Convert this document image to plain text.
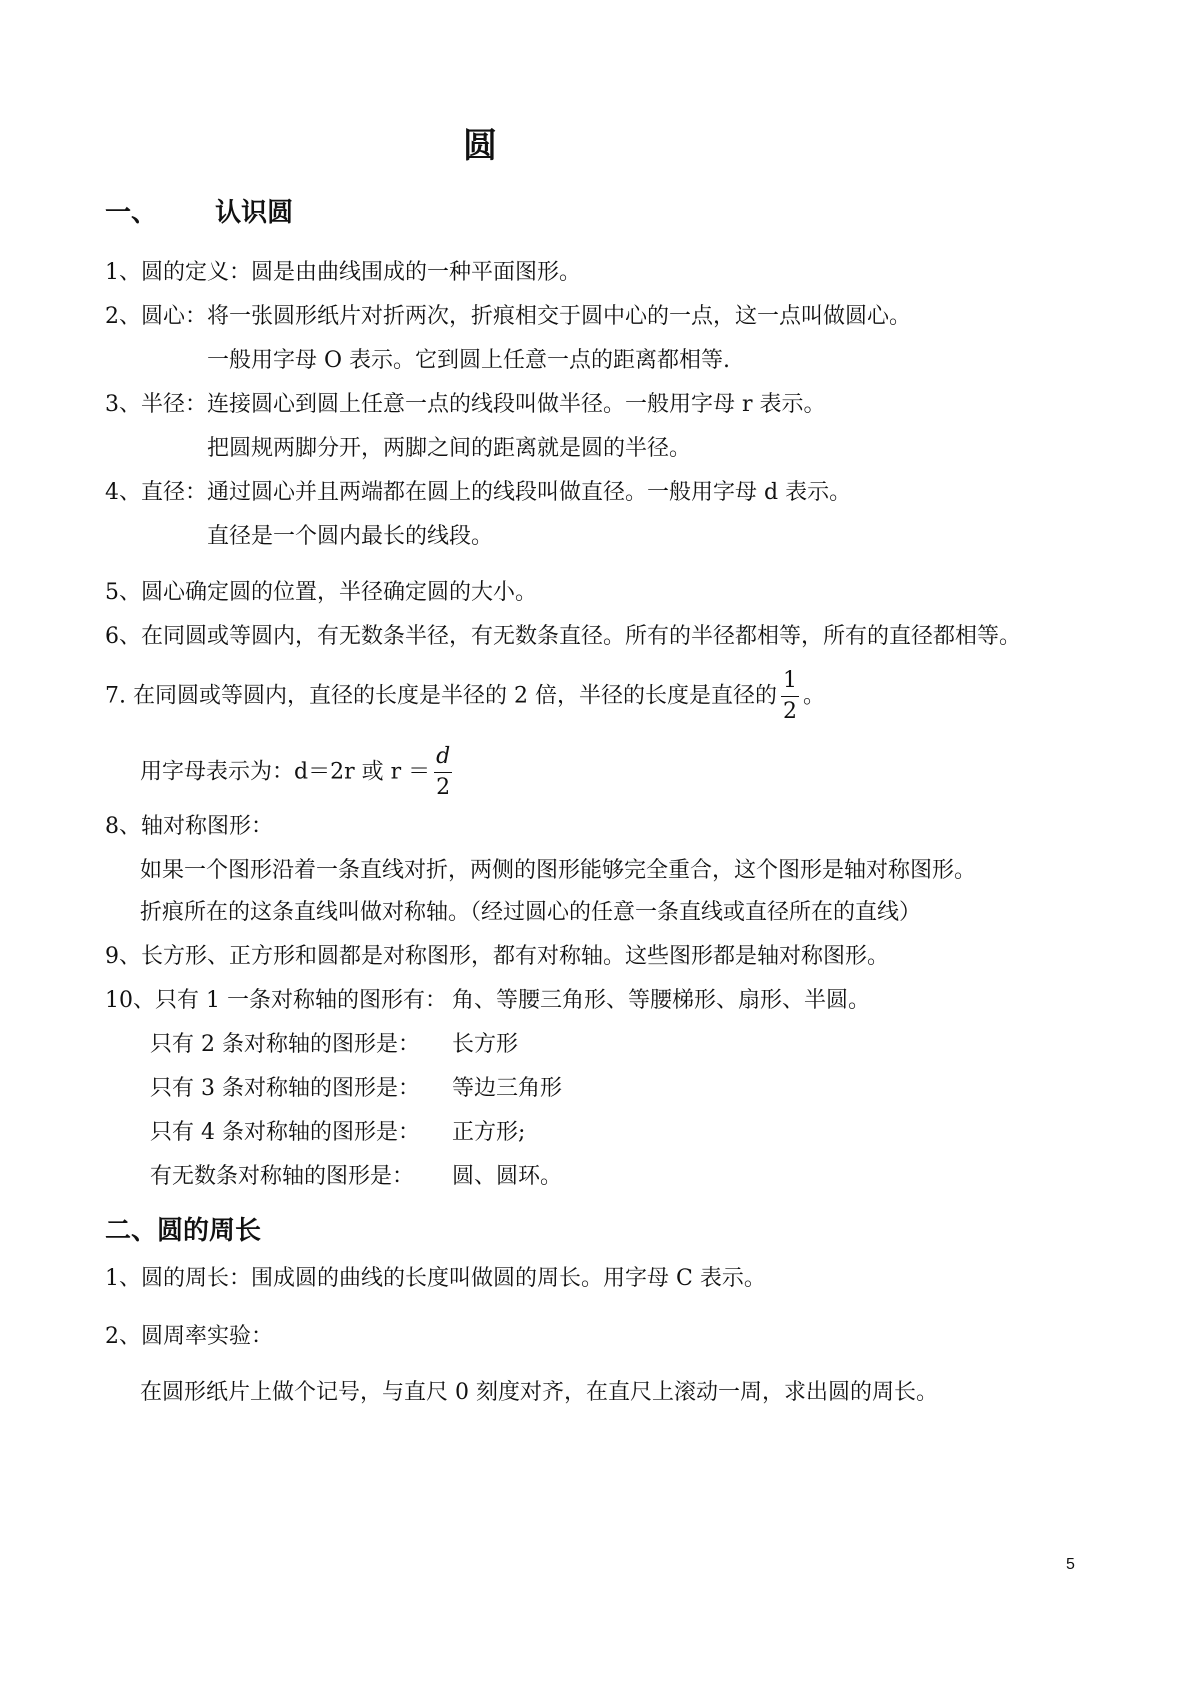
圆
一、 认识圆
1、圆的定义：圆是由曲线围成的一种平面图形。
2、圆心：将一张圆形纸片对折两次，折痕相交于圆中心的一点，这一点叫做圆心。
一般用字母 O 表示。它到圆上任意一点的距离都相等.
3、半径：连接圆心到圆上任意一点的线段叫做半径。一般用字母 r 表示。
把圆规两脚分开，两脚之间的距离就是圆的半径。
4、直径：通过圆心并且两端都在圆上的线段叫做直径。一般用字母 d 表示。
直径是一个圆内最长的线段。
5、圆心确定圆的位置，半径确定圆的大小。
6、在同圆或等圆内，有无数条半径，有无数条直径。所有的半径都相等，所有的直径都相等。
7. 在同圆或等圆内，直径的长度是半径的 2 倍，半径的长度是直径的 $\frac{1}{2}$ 。
用字母表示为：d＝2r 或 $r = \frac{d}{2}$
8、轴对称图形：
如果一个图形沿着一条直线对折，两侧的图形能够完全重合，这个图形是轴对称图形。
折痕所在的这条直线叫做对称轴。（经过圆心的任意一条直线或直径所在的直线）
9、长方形、正方形和圆都是对称图形，都有对称轴。这些图形都是轴对称图形。
10、只有 1 一条对称轴的图形有： 角、等腰三角形、等腰梯形、扇形、半圆。
只有 2 条对称轴的图形是： 长方形
只有 3 条对称轴的图形是： 等边三角形
只有 4 条对称轴的图形是： 正方形;
有无数条对称轴的图形是： 圆、圆环。
二、圆的周长
1、圆的周长：围成圆的曲线的长度叫做圆的周长。用字母 C 表示。
2、圆周率实验：
在圆形纸片上做个记号，与直尺 0 刻度对齐，在直尺上滚动一周，求出圆的周长。
5
